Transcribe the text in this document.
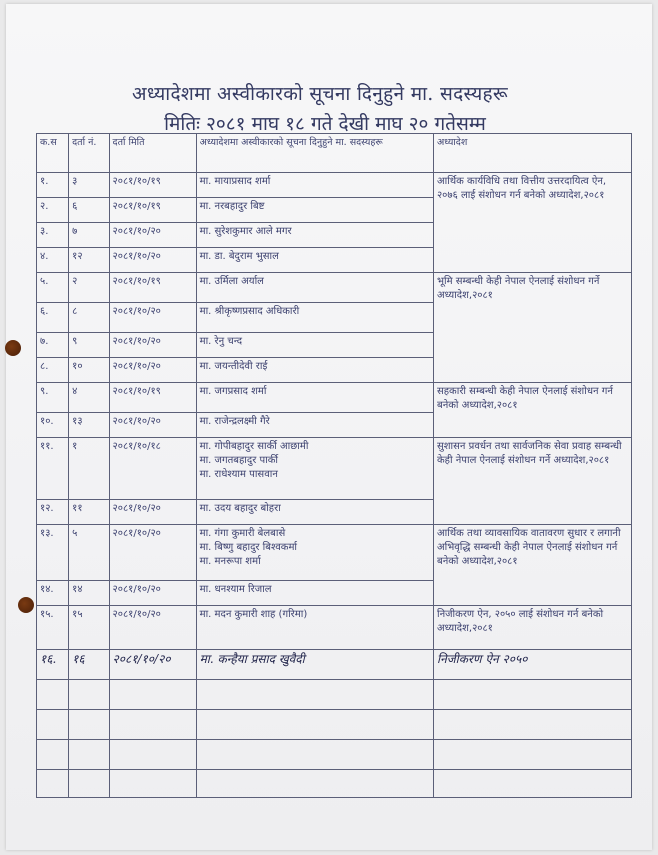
अध्यादेशमा अस्वीकारको सूचना दिनुहुने मा. सदस्यहरू
मितिः २०८१ माघ १८ गते देखी माघ २० गतेसम्म
क.स	दर्ता नं.	दर्ता मिति	अध्यादेशमा अस्वीकारको सूचना दिनुहुने मा. सदस्यहरू	अध्यादेश
१.	३	२०८१/१०/१९	मा. मायाप्रसाद शर्मा	आर्थिक कार्यविधि तथा वित्तीय उत्तरदायित्व ऐन, २०७६ लाई संशोधन गर्न बनेको अध्यादेश,२०८१
२.	६	२०८१/१०/१९	मा. नरबहादुर बिष्ट	
३.	७	२०८१/१०/२०	मा. सुरेशकुमार आले मगर	
४.	१२	२०८१/१०/२०	मा. डा. बेदुराम भुसाल	
५.	२	२०८१/१०/१९	मा. उर्मिला अर्याल	भूमि सम्बन्धी केही नेपाल ऐनलाई संशोधन गर्ने अध्यादेश,२०८१
६.	८	२०८१/१०/२०	मा. श्रीकृष्णप्रसाद अधिकारी	
७.	९	२०८१/१०/२०	मा. रेनु चन्द	
८.	१०	२०८१/१०/२०	मा. जयन्तीदेवी राई	
९.	४	२०८१/१०/१९	मा. जगप्रसाद शर्मा	सहकारी सम्बन्धी केही नेपाल ऐनलाई संशोधन गर्न बनेको अध्यादेश,२०८१
१०.	१३	२०८१/१०/२०	मा. राजेन्द्रलक्ष्मी गैरे	
११.	१	२०८१/१०/१८	मा. गोपीबहादुर सार्की आछामी
मा. जगतबहादुर पार्की
मा. राधेश्याम पासवान	सुशासन प्रवर्धन तथा सार्वजनिक सेवा प्रवाह सम्बन्धी केही नेपाल ऐनलाई संशोधन गर्ने अध्यादेश,२०८१
१२.	११	२०८१/१०/२०	मा. उदय बहादुर बोहरा	
१३.	५	२०८१/१०/२०	मा. गंगा कुमारी बेलबासे
मा. बिष्णु बहादुर बिश्वकर्मा
मा. मनरूपा शर्मा	आर्थिक तथा व्यावसायिक वातावरण सुधार र लगानी अभिवृद्धि सम्बन्धी केही नेपाल ऐनलाई संशोधन गर्न बनेको अध्यादेश,२०८१
१४.	१४	२०८१/१०/२०	मा. धनश्याम रिजाल	
१५.	१५	२०८१/१०/२०	मा. मदन कुमारी शाह (गरिमा)	निजीकरण ऐन, २०५० लाई संशोधन गर्न बनेको अध्यादेश,२०८१
१६.	१६	२०८१/१०/२०	मा. कन्हैया प्रसाद खुवैदी	निजीकरण ऐन २०५०
